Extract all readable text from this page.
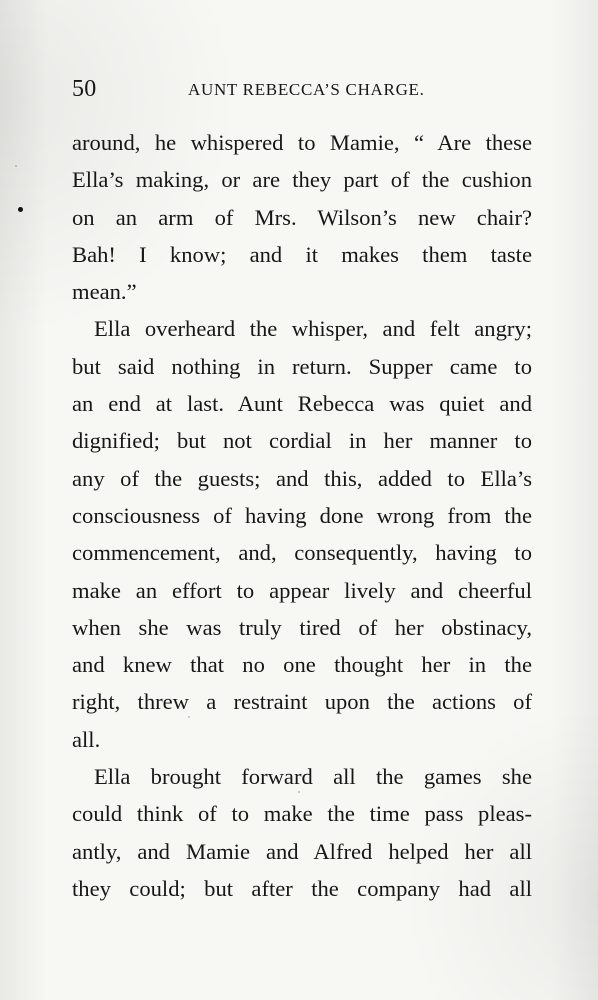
50	AUNT REBECCA’S CHARGE.
around, he whispered to Mamie, “ Are these
Ella’s making, or are they part of the cushion
on an arm of Mrs. Wilson’s new chair?
Bah! I know; and it makes them taste
mean.”
Ella overheard the whisper, and felt angry;
but said nothing in return. Supper came to
an end at last. Aunt Rebecca was quiet and
dignified; but not cordial in her manner to
any of the guests; and this, added to Ella’s
consciousness of having done wrong from the
commencement, and, consequently, having to
make an effort to appear lively and cheerful
when she was truly tired of her obstinacy,
and knew that no one thought her in the
right, threw a restraint upon the actions of
all.
Ella brought forward all the games she
could think of to make the time pass pleas-
antly, and Mamie and Alfred helped her all
they could; but after the company had all
